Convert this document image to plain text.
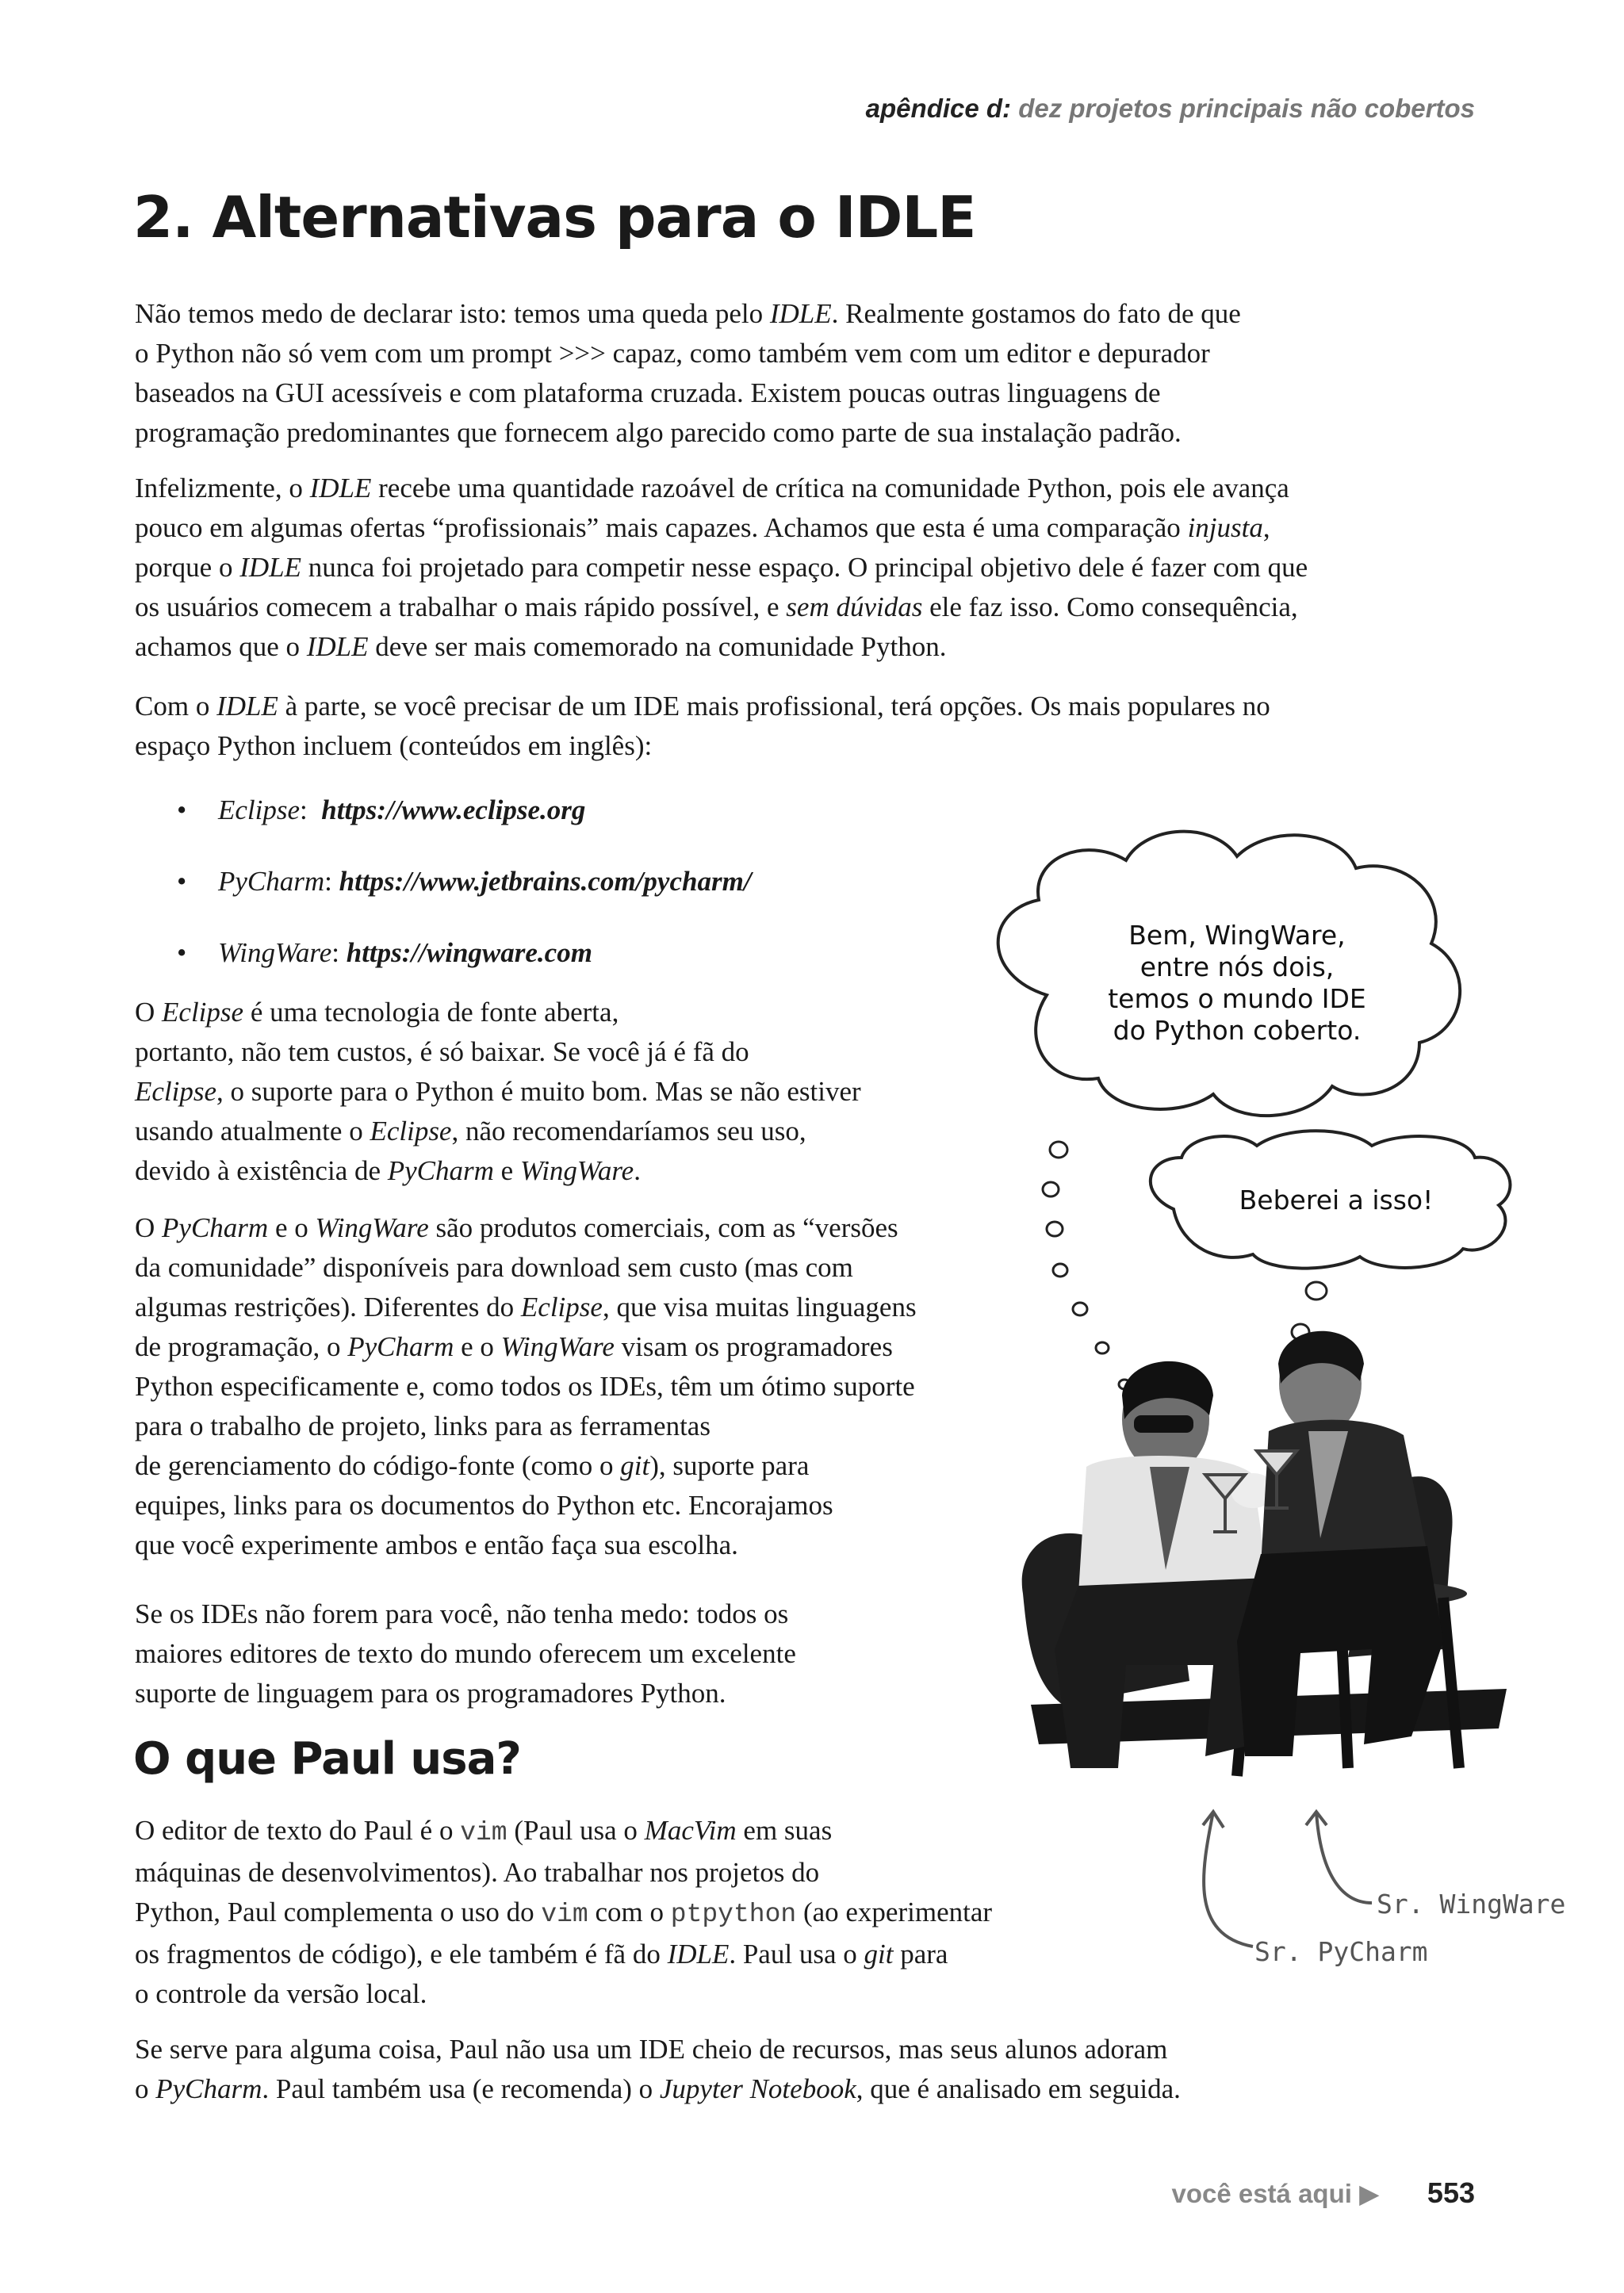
apêndice d: dez projetos principais não cobertos
2. Alternativas para o IDLE
Não temos medo de declarar isto: temos uma queda pelo IDLE. Realmente gostamos do fato de que
o Python não só vem com um prompt >>> capaz, como também vem com um editor e depurador
baseados na GUI acessíveis e com plataforma cruzada. Existem poucas outras linguagens de
programação predominantes que fornecem algo parecido como parte de sua instalação padrão.
Infelizmente, o IDLE recebe uma quantidade razoável de crítica na comunidade Python, pois ele avança
pouco em algumas ofertas “profissionais” mais capazes. Achamos que esta é uma comparação injusta,
porque o IDLE nunca foi projetado para competir nesse espaço. O principal objetivo dele é fazer com que
os usuários comecem a trabalhar o mais rápido possível, e sem dúvidas ele faz isso. Como consequência,
achamos que o IDLE deve ser mais comemorado na comunidade Python.
Com o IDLE à parte, se você precisar de um IDE mais profissional, terá opções. Os mais populares no
espaço Python incluem (conteúdos em inglês):
• Eclipse:  https://www.eclipse.org
• PyCharm: https://www.jetbrains.com/pycharm/
• WingWare: https://wingware.com
O Eclipse é uma tecnologia de fonte aberta,
portanto, não tem custos, é só baixar. Se você já é fã do
Eclipse, o suporte para o Python é muito bom. Mas se não estiver
usando atualmente o Eclipse, não recomendaríamos seu uso,
devido à existência de PyCharm e WingWare.
O PyCharm e o WingWare são produtos comerciais, com as “versões
da comunidade” disponíveis para download sem custo (mas com
algumas restrições). Diferentes do Eclipse, que visa muitas linguagens
de programação, o PyCharm e o WingWare visam os programadores
Python especificamente e, como todos os IDEs, têm um ótimo suporte
para o trabalho de projeto, links para as ferramentas
de gerenciamento do código-fonte (como o git), suporte para
equipes, links para os documentos do Python etc. Encorajamos
que você experimente ambos e então faça sua escolha.
Se os IDEs não forem para você, não tenha medo: todos os
maiores editores de texto do mundo oferecem um excelente
suporte de linguagem para os programadores Python.
O que Paul usa?
O editor de texto do Paul é o vim (Paul usa o MacVim em suas
máquinas de desenvolvimentos). Ao trabalhar nos projetos do
Python, Paul complementa o uso do vim com o ptpython (ao experimentar
os fragmentos de código), e ele também é fã do IDLE. Paul usa o git para
o controle da versão local.
Se serve para alguma coisa, Paul não usa um IDE cheio de recursos, mas seus alunos adoram
o PyCharm. Paul também usa (e recomenda) o Jupyter Notebook, que é analisado em seguida.
Bem, WingWare,
entre nós dois,
temos o mundo IDE
do Python coberto.
Beberei a isso!
Sr. WingWare
Sr. PyCharm
você está aqui ▶ 553
